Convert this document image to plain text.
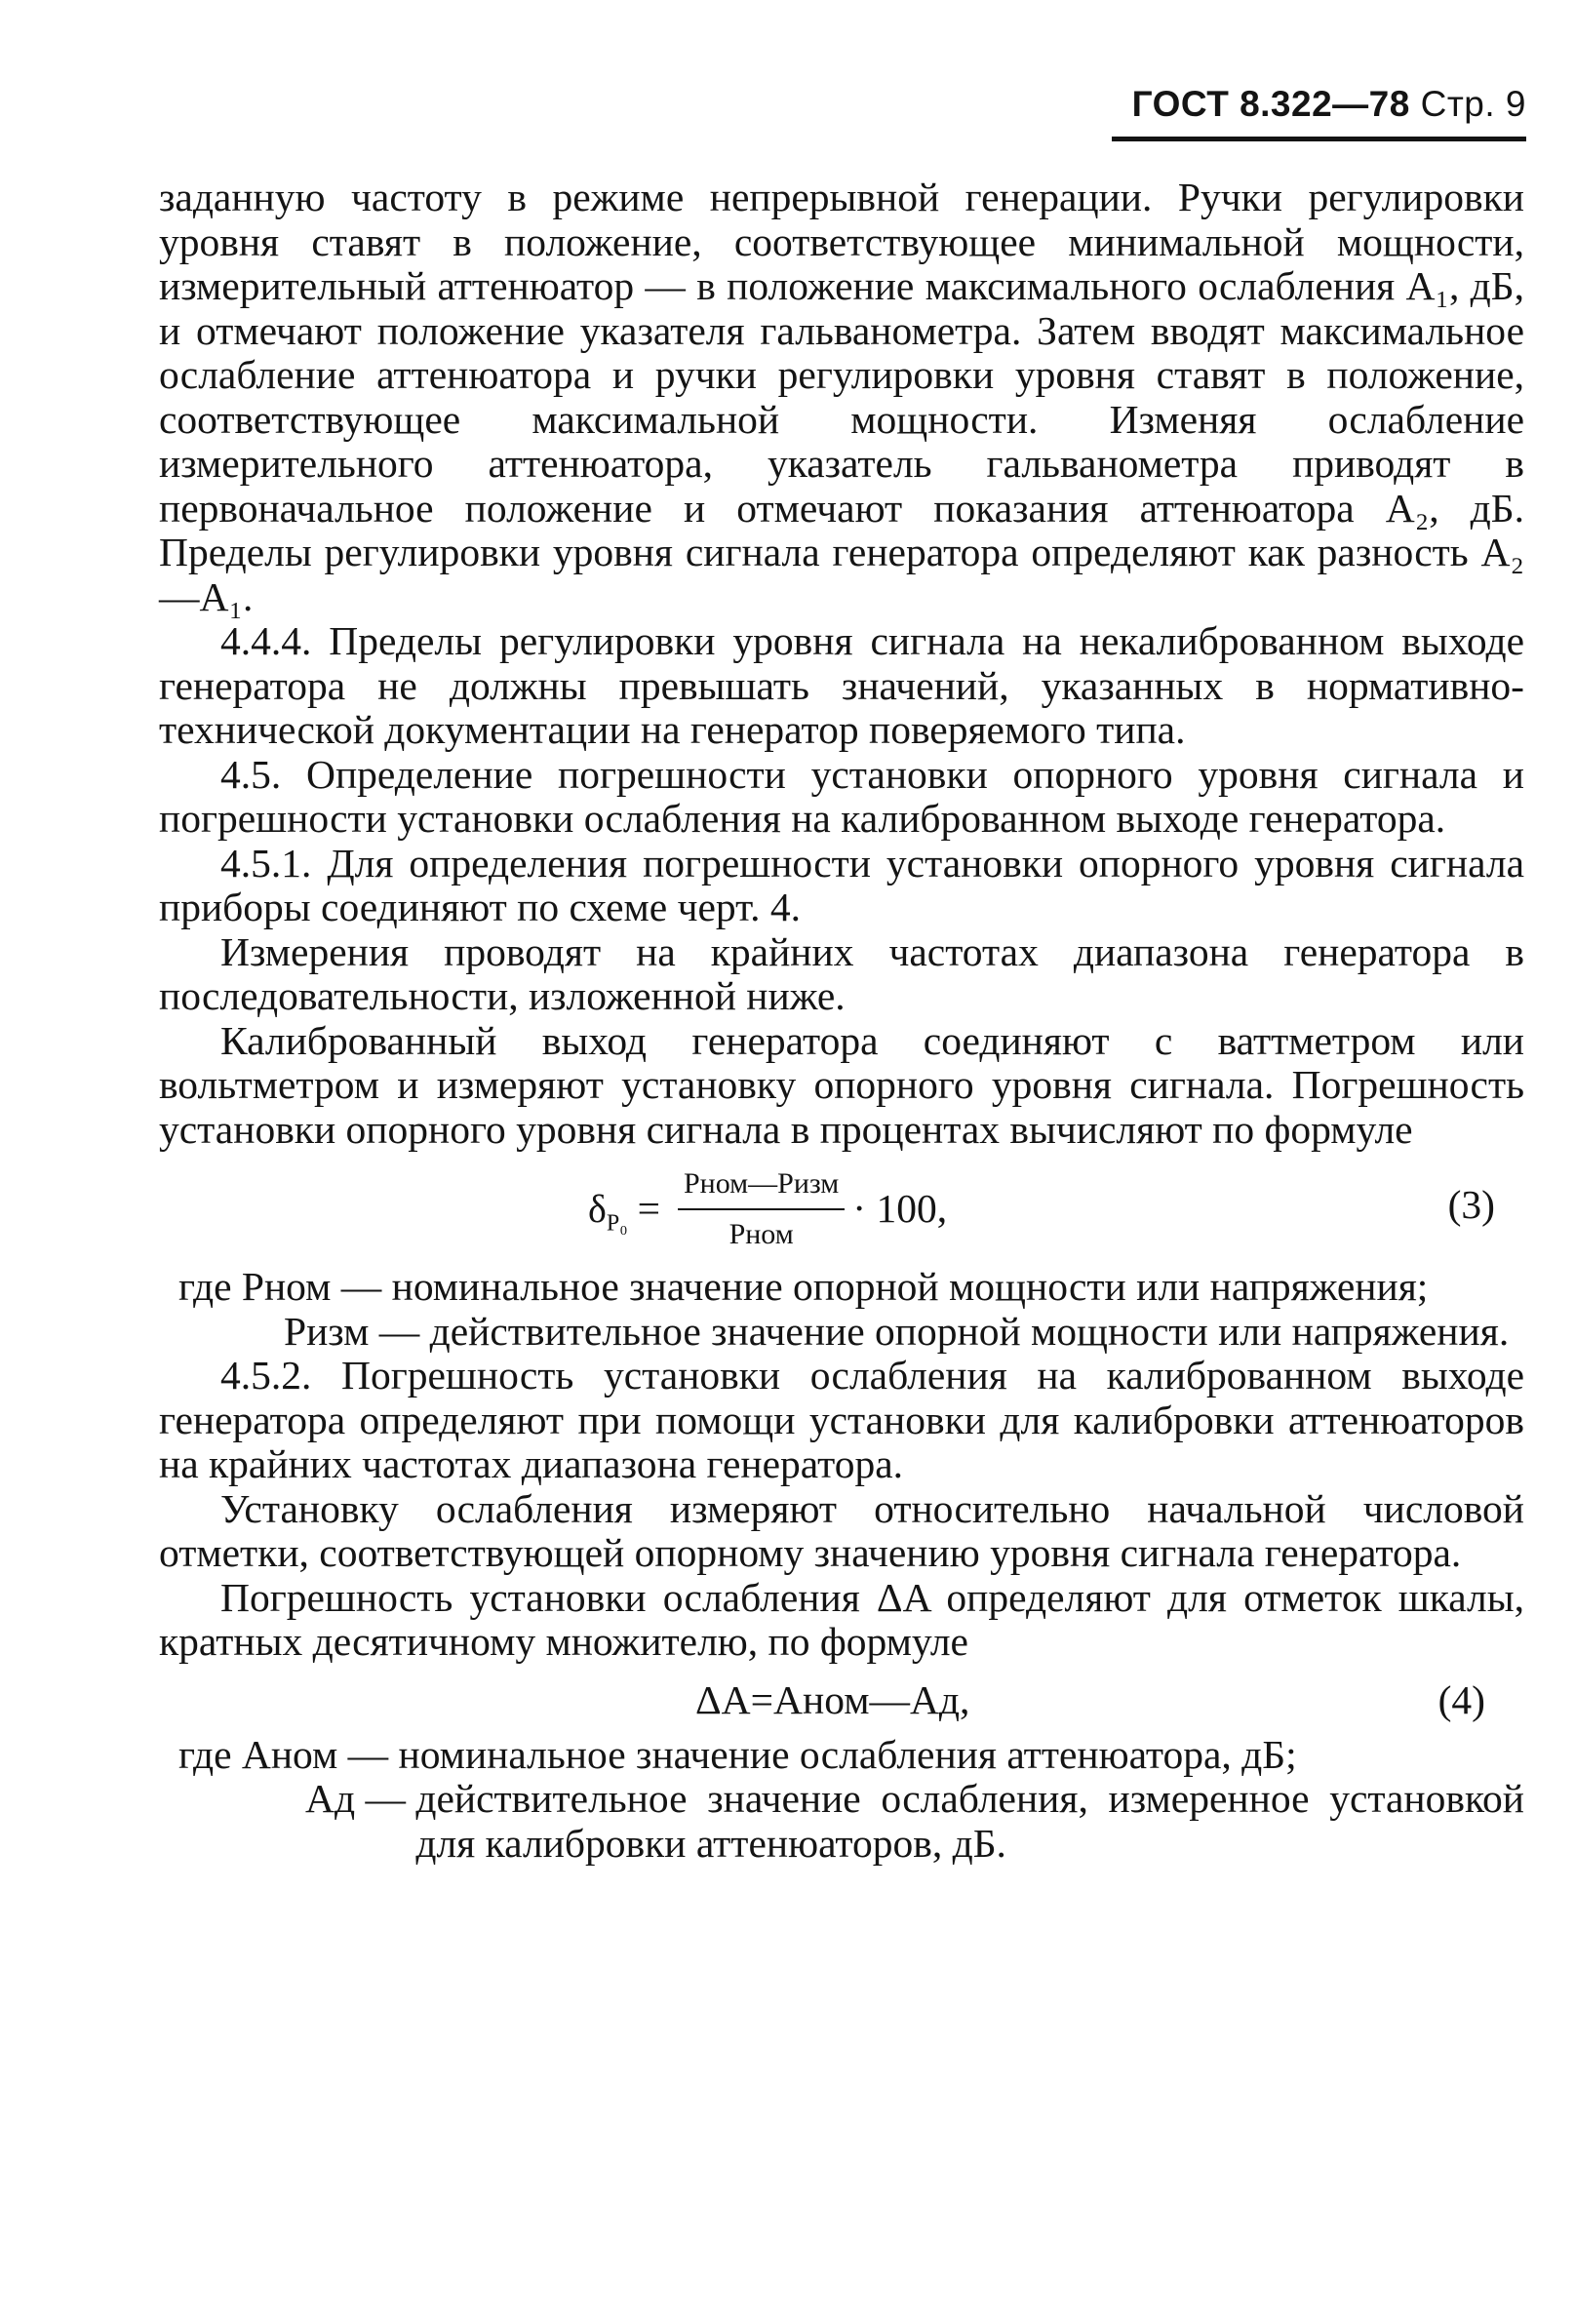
ГОСТ 8.322—78 Стр. 9

заданную частоту в режиме непрерывной генерации. Ручки регулировки уровня ставят в положение, соответствующее минимальной мощности, измерительный аттенюатор — в положение максимального ослабления A₁, дБ, и отмечают положение указателя гальванометра. Затем вводят максимальное ослабление аттенюатора и ручки регулировки уровня ставят в положение, соответствующее максимальной мощности. Изменяя ослабление измерительного аттенюатора, указатель гальванометра приводят в первоначальное положение и отмечают показания аттенюатора A₂, дБ. Пределы регулировки уровня сигнала генератора определяют как разность A₂—A₁.

4.4.4. Пределы регулировки уровня сигнала на некалиброванном выходе генератора не должны превышать значений, указанных в нормативно-технической документации на генератор поверяемого типа.

4.5. Определение погрешности установки опорного уровня сигнала и погрешности установки ослабления на калиброванном выходе генератора.

4.5.1. Для определения погрешности установки опорного уровня сигнала приборы соединяют по схеме черт. 4.

Измерения проводят на крайних частотах диапазона генератора в последовательности, изложенной ниже.

Калиброванный выход генератора соединяют с ваттметром или вольтметром и измеряют установку опорного уровня сигнала. Погрешность установки опорного уровня сигнала в процентах вычисляют по формуле

$\delta_{P_0} = \frac{\text{Pном—Pизм}}{\text{Pном}} \cdot 100$,	(3)
где Pном — номинальное значение опорной мощности или напряжения;
Pизм — действительное значение опорной мощности или напряжения.

4.5.2. Погрешность установки ослабления на калиброванном выходе генератора определяют при помощи установки для калибровки аттенюаторов на крайних частотах диапазона генератора.

Установку ослабления измеряют относительно начальной числовой отметки, соответствующей опорному значению уровня сигнала генератора.

Погрешность установки ослабления ΔA определяют для отметок шкалы, кратных десятичному множителю, по формуле

ΔA=Aном—Aд,	(4)
где Aном — номинальное значение ослабления аттенюатора, дБ;
Aд — действительное значение ослабления, измеренное установкой для калибровки аттенюаторов, дБ.
